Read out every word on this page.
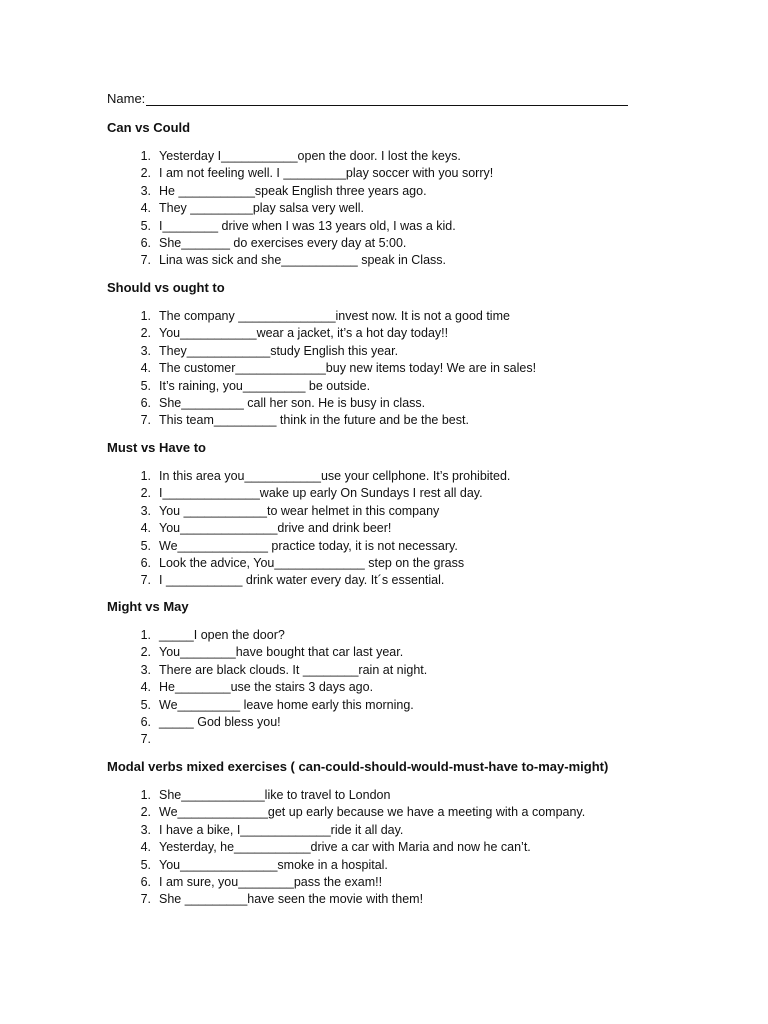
Name:
Can vs Could
1. Yesterday I___________open the door. I lost the keys.
2. I am not feeling well. I _________play soccer with you sorry!
3. He ___________speak English three years ago.
4. They _________play salsa very well.
5. I________ drive when I was 13 years old, I was a kid.
6. She_______ do exercises every day at 5:00.
7. Lina was sick and she___________ speak in Class.
Should vs ought to
1. The company ______________invest now. It is not a good time
2. You___________wear a jacket, it’s a hot day today!!
3. They____________study English this year.
4. The customer_____________buy new items today! We are in sales!
5. It’s raining, you_________ be outside.
6. She_________ call her son. He is busy in class.
7. This team_________ think in the future and be the best.
Must vs Have to
1. In this area you___________use your cellphone. It’s prohibited.
2. I______________wake up early On Sundays I rest all day.
3. You ____________to wear helmet in this company
4. You______________drive and drink beer!
5. We_____________ practice today, it is not necessary.
6. Look the advice, You_____________ step on the grass
7. I ___________ drink water every day. It´s essential.
Might vs May
1. _____I open the door?
2. You________have bought that car last year.
3. There are black clouds. It ________rain at night.
4. He________use the stairs 3 days ago.
5. We_________ leave home early this morning.
6. _____ God bless you!
7.
Modal verbs mixed exercises ( can-could-should-would-must-have to-may-might)
1. She____________like to travel to London
2. We_____________get up early because we have a meeting with a company.
3. I have a bike, I_____________ride it all day.
4. Yesterday, he___________drive a car with Maria and now he can’t.
5. You______________smoke in a hospital.
6. I am sure, you________pass the exam!!
7. She _________have seen the movie with them!
